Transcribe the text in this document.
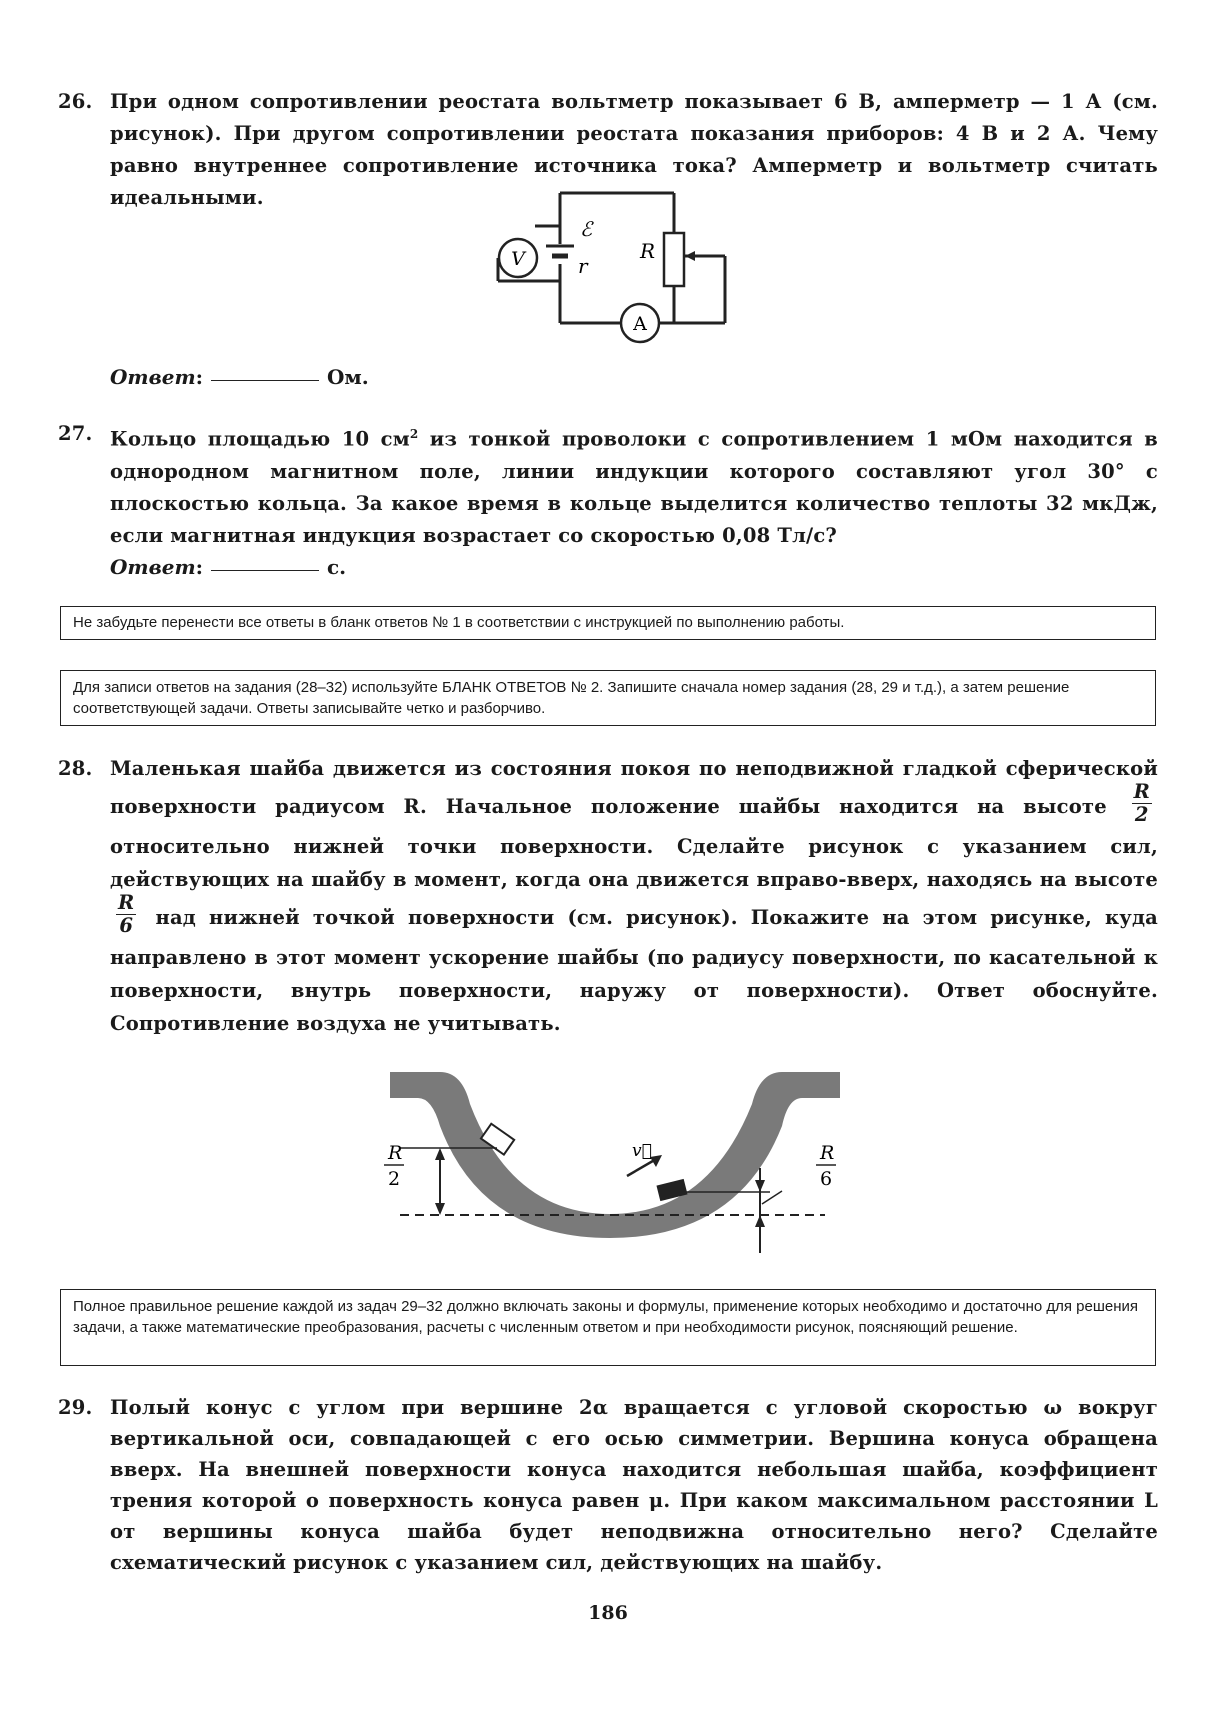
26. При одном сопротивлении реостата вольтметр показывает 6 В, амперметр — 1 А (см. рисунок). При другом сопротивлении реостата показания приборов: 4 В и 2 А. Чему равно внутреннее сопротивление источника тока? Амперметр и вольтметр считать идеальными.
V
A
ℰ
r
R
Ответ:	Ом.
27. Кольцо площадью 10 $см^2$ из тонкой проволоки с сопротивлением 1 мОм находится в однородном магнитном поле, линии индукции которого составляют угол 30° с плоскостью кольца. За какое время в кольце выделится количество теплоты 32 мкДж, если магнитная индукция возрастает со скоростью 0,08 Тл/с?
Ответ:	с.
Не забудьте перенести все ответы в бланк ответов № 1 в соответствии с инструкцией по выполнению работы.
Для записи ответов на задания (28–32) используйте БЛАНК ОТВЕТОВ № 2. Запишите сначала номер задания (28, 29 и т.д.), а затем решение соответствующей задачи. Ответы записывайте четко и разборчиво.
28. Маленькая шайба движется из состояния покоя по неподвижной гладкой сферической поверхности радиусом R. Начальное положение шайбы находится на высоте $\frac{R}{2}$
относительно нижней точки поверхности. Сделайте рисунок с указанием сил, действующих на шайбу в момент, когда она движется вправо-вверх, находясь на высоте
$\frac{R}{6}$ над нижней точкой поверхности (см. рисунок). Покажите на этом рисунке, куда направлено в этот момент ускорение шайбы (по радиусу поверхности, по касательной к поверхности, внутрь поверхности, наружу от поверхности). Ответ обоснуйте. Сопротивление воздуха не учитывать.
v⃗
R
2
R
6
Полное правильное решение каждой из задач 29–32 должно включать законы и формулы, применение которых необходимо и достаточно для решения задачи, а также математические преобразования, расчеты с численным ответом и при необходимости рисунок, поясняющий решение.
29. Полый конус с углом при вершине 2α вращается с угловой скоростью ω вокруг вертикальной оси, совпадающей с его осью симметрии. Вершина конуса обращена вверх. На внешней поверхности конуса находится небольшая шайба, коэффициент трения которой о поверхность конуса равен μ. При каком максимальном расстоянии L от вершины конуса шайба будет неподвижна относительно него? Сделайте схематический рисунок с указанием сил, действующих на шайбу.
186
